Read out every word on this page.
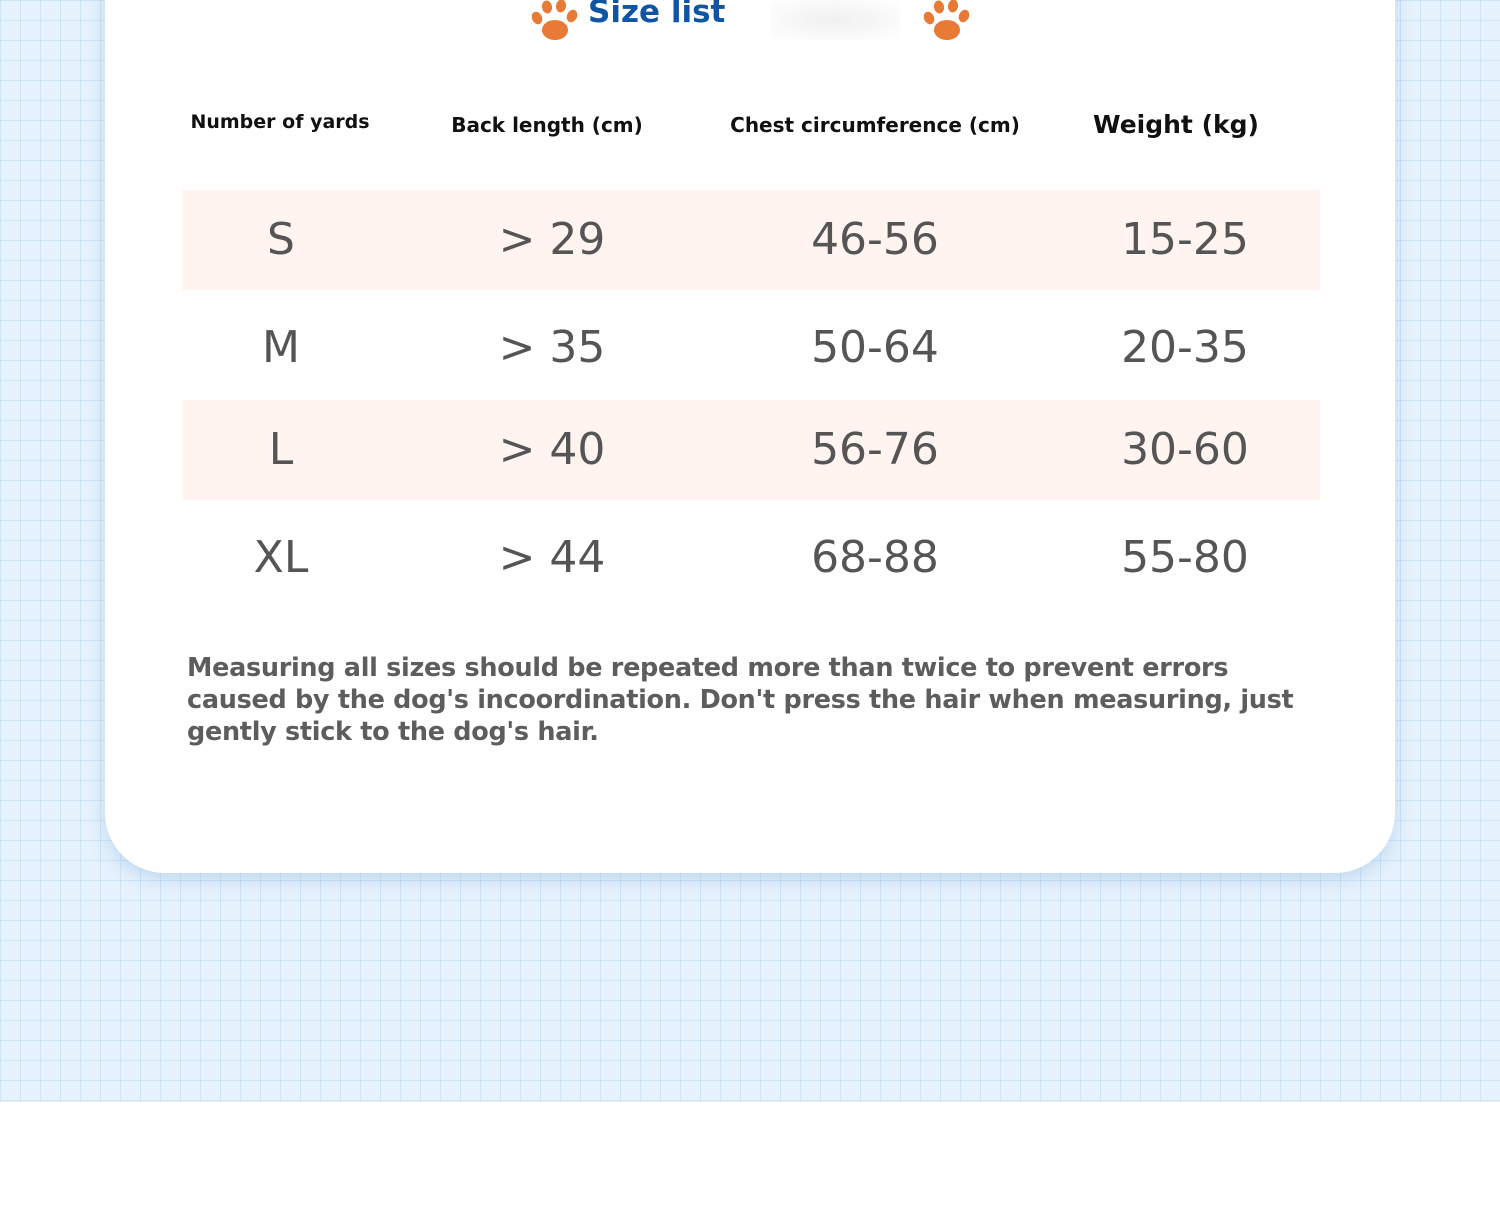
Size list
Number of yards	Back length (cm)	Chest circumference (cm)	Weight (kg)
S	> 29	46-56	15-25
M	> 35	50-64	20-35
L	> 40	56-76	30-60
XL	> 44	68-88	55-80
Measuring all sizes should be repeated more than twice to prevent errors caused by the dog's incoordination. Don't press the hair when measuring, just gently stick to the dog's hair.
